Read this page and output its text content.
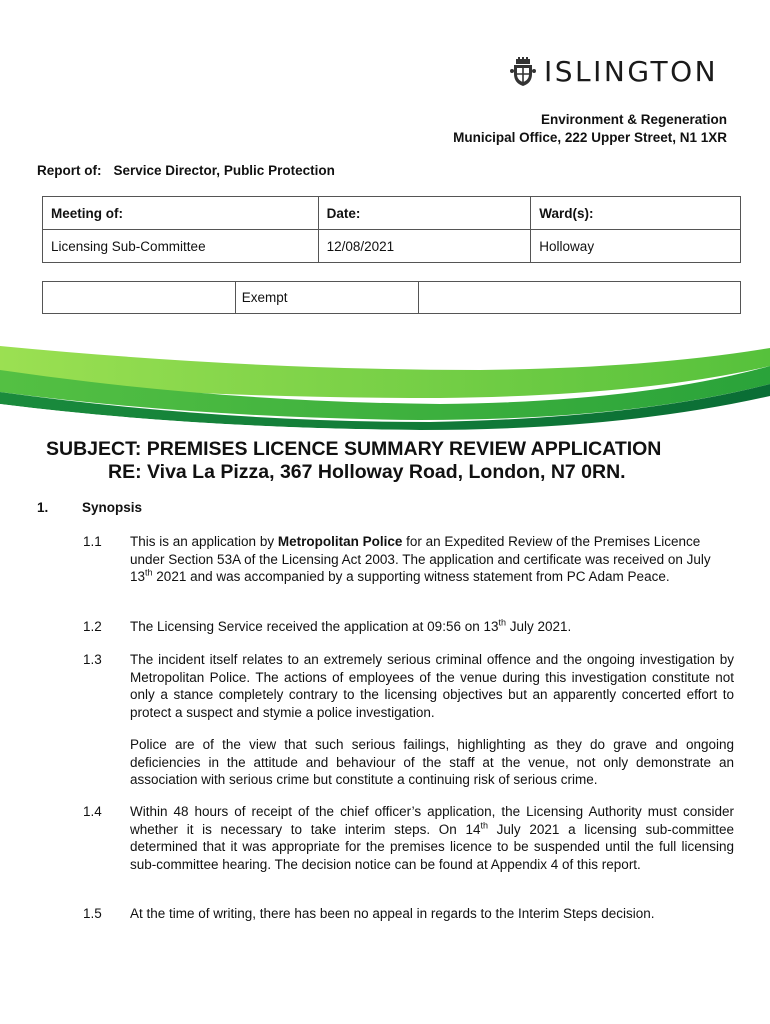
ISLINGTON
Environment & Regeneration
Municipal Office, 222 Upper Street, N1 1XR
Report of: Service Director, Public Protection
Meeting of:	Date:	Ward(s):
Licensing Sub-Committee	12/08/2021	Holloway
	Exempt	
SUBJECT: PREMISES LICENCE SUMMARY REVIEW APPLICATION
RE: Viva La Pizza, 367 Holloway Road, London, N7 0RN.
1. Synopsis
1.1 This is an application by Metropolitan Police for an Expedited Review of the Premises Licence under Section 53A of the Licensing Act 2003. The application and certificate was received on July 13th 2021 and was accompanied by a supporting witness statement from PC Adam Peace.
1.2 The Licensing Service received the application at 09:56 on 13th July 2021.
1.3 The incident itself relates to an extremely serious criminal offence and the ongoing investigation by Metropolitan Police. The actions of employees of the venue during this investigation constitute not only a stance completely contrary to the licensing objectives but an apparently concerted effort to protect a suspect and stymie a police investigation.
Police are of the view that such serious failings, highlighting as they do grave and ongoing deficiencies in the attitude and behaviour of the staff at the venue, not only demonstrate an association with serious crime but constitute a continuing risk of serious crime.
1.4 Within 48 hours of receipt of the chief officer’s application, the Licensing Authority must consider whether it is necessary to take interim steps. On 14th July 2021 a licensing sub-committee determined that it was appropriate for the premises licence to be suspended until the full licensing sub-committee hearing. The decision notice can be found at Appendix 4 of this report.
1.5 At the time of writing, there has been no appeal in regards to the Interim Steps decision.
